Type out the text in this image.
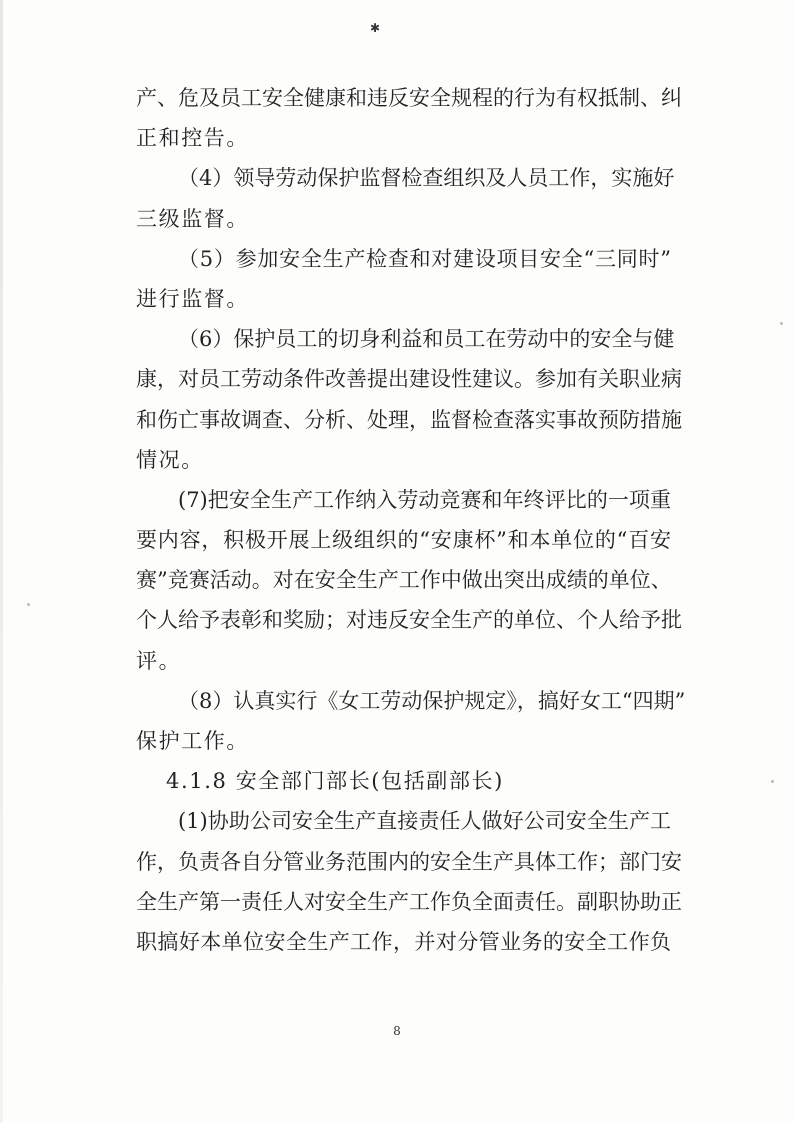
✱
产、危及员工安全健康和违反安全规程的行为有权抵制、纠
正和控告。
（4）领导劳动保护监督检查组织及人员工作，实施好
三级监督。
（5）参加安全生产检查和对建设项目安全“三同时”
进行监督。
（6）保护员工的切身利益和员工在劳动中的安全与健
康，对员工劳动条件改善提出建设性建议。参加有关职业病
和伤亡事故调查、分析、处理，监督检查落实事故预防措施
情况。
(7)把安全生产工作纳入劳动竞赛和年终评比的一项重
要内容，积极开展上级组织的“安康杯”和本单位的“百安
赛”竞赛活动。对在安全生产工作中做出突出成绩的单位、
个人给予表彰和奖励；对违反安全生产的单位、个人给予批
评。
（8）认真实行《女工劳动保护规定》，搞好女工“四期”
保护工作。
4.1.8 安全部门部长(包括副部长)
(1)协助公司安全生产直接责任人做好公司安全生产工
作，负责各自分管业务范围内的安全生产具体工作；部门安
全生产第一责任人对安全生产工作负全面责任。副职协助正
职搞好本单位安全生产工作，并对分管业务的安全工作负
8
